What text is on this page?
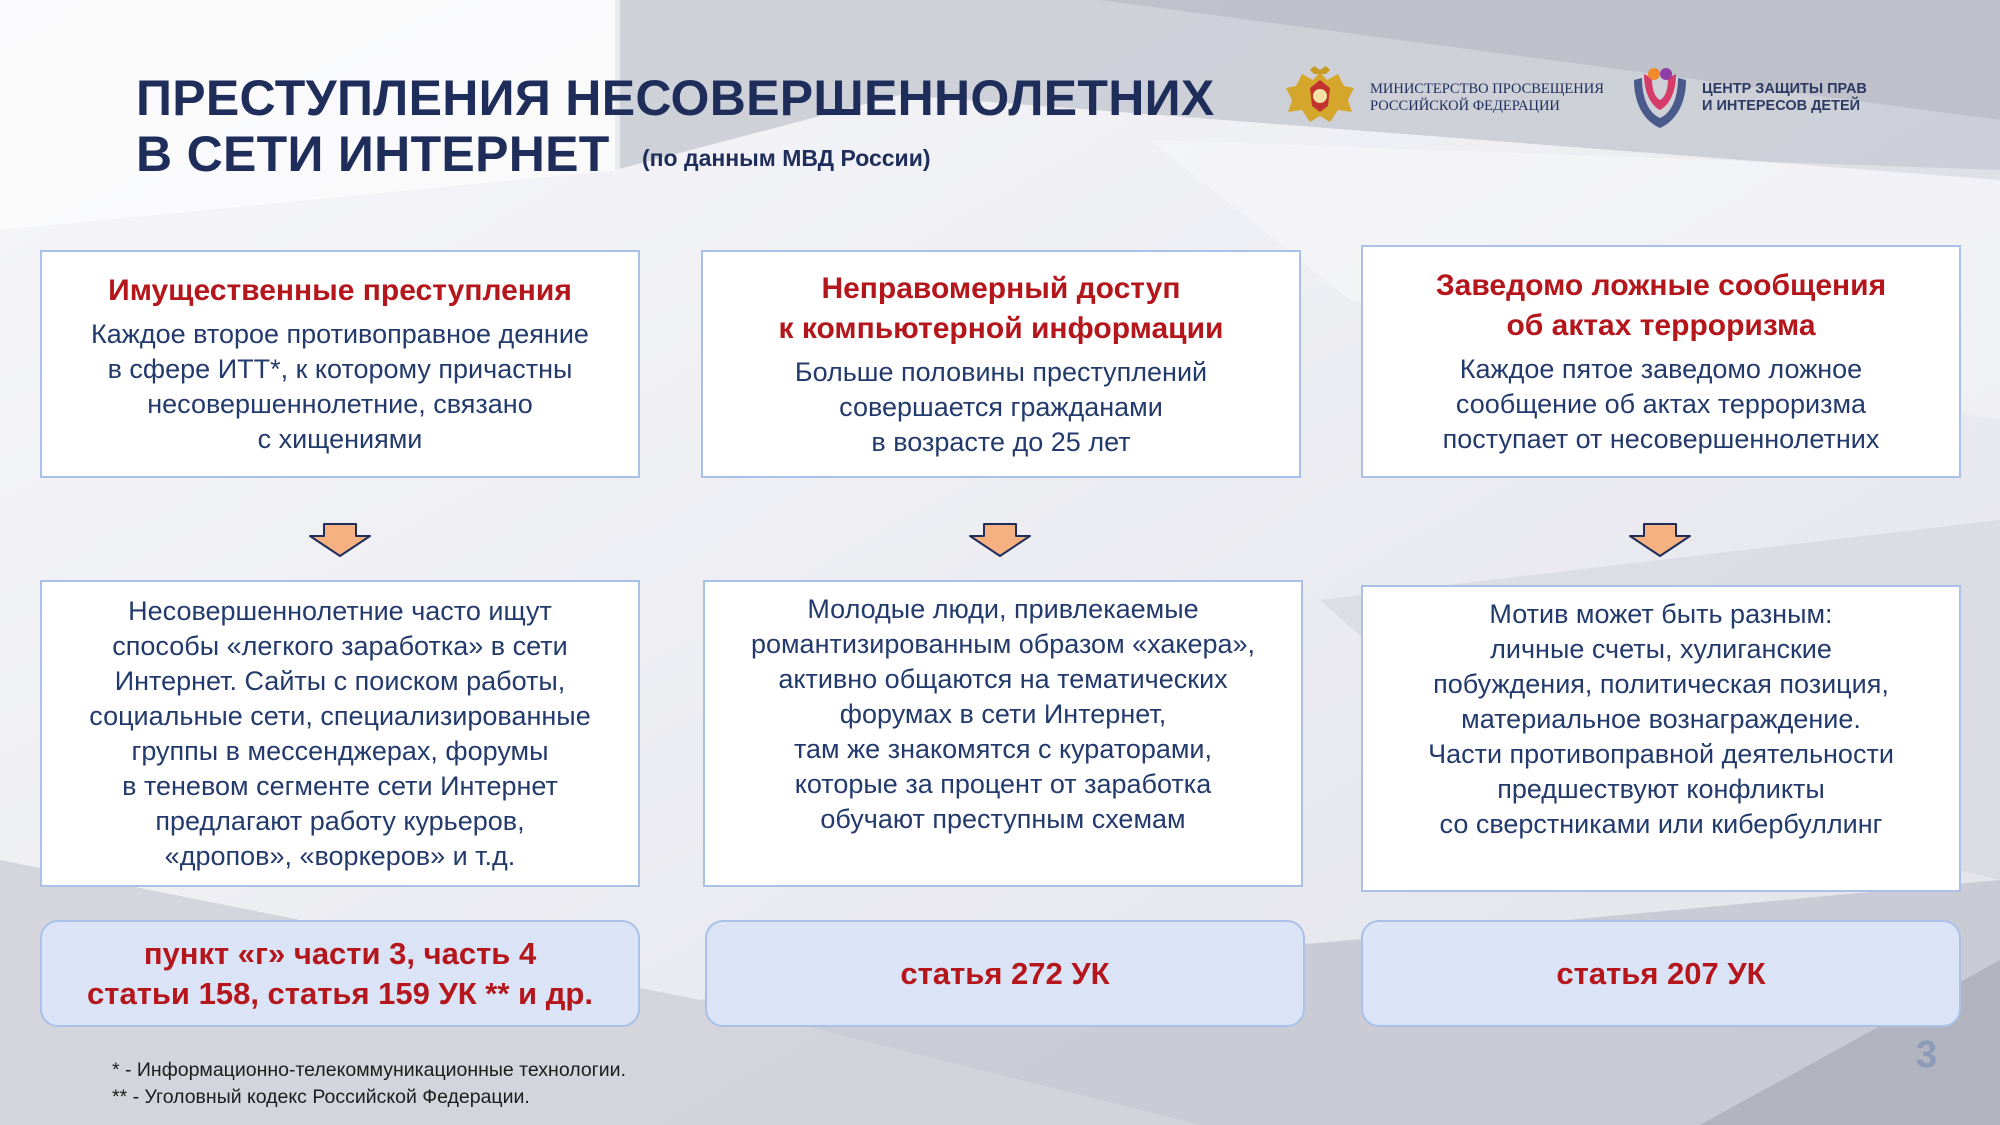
ПРЕСТУПЛЕНИЯ НЕСОВЕРШЕННОЛЕТНИХ
В СЕТИ ИНТЕРНЕТ	(по данным МВД России)
МИНИСТЕРСТВО ПРОСВЕЩЕНИЯ
РОССИЙСКОЙ ФЕДЕРАЦИИ
ЦЕНТР ЗАЩИТЫ ПРАВ
И ИНТЕРЕСОВ ДЕТЕЙ
Имущественные преступления
Каждое второе противоправное деяние
в сфере ИТТ*, к которому причастны
несовершеннолетние, связано
с хищениями
Неправомерный доступ
к компьютерной информации
Больше половины преступлений
совершается гражданами
в возрасте до 25 лет
Заведомо ложные сообщения
об актах терроризма
Каждое пятое заведомо ложное
сообщение об актах терроризма
поступает от несовершеннолетних
Несовершеннолетние часто ищут
способы «легкого заработка» в сети
Интернет. Сайты с поиском работы,
социальные сети, специализированные
группы в мессенджерах, форумы
в теневом сегменте сети Интернет
предлагают работу курьеров,
«дропов», «воркеров» и т.д.
Молодые люди, привлекаемые
романтизированным образом «хакера»,
активно общаются на тематических
форумах в сети Интернет,
там же знакомятся с кураторами,
которые за процент от заработка
обучают преступным схемам
Мотив может быть разным:
личные счеты, хулиганские
побуждения, политическая позиция,
материальное вознаграждение.
Части противоправной деятельности
предшествуют конфликты
со сверстниками или кибербуллинг
пункт «г» части 3, часть 4
статьи 158, статья 159 УК ** и др.
статья 272 УК	статья 207 УК
* - Информационно-телекоммуникационные технологии.
** - Уголовный кодекс Российской Федерации.
3
